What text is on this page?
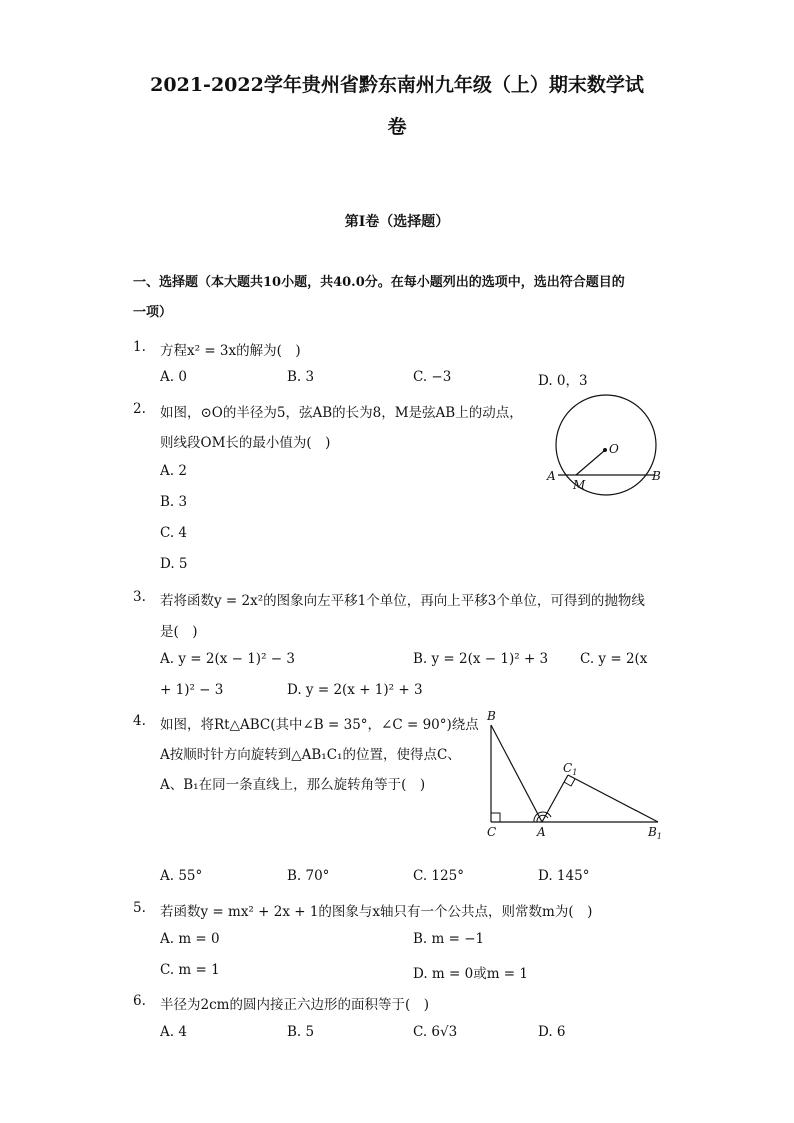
2021-2022学年贵州省黔东南州九年级（上）期末数学试
卷
第I卷（选择题）
一、选择题（本大题共10小题，共40.0分。在每小题列出的选项中，选出符合题目的
一项）
1. 方程x² = 3x的解为(　)
A. 0	B. 3	C. −3	D. 0，3
2. 如图，⊙O的半径为5，弦AB的长为8，M是弦AB上的动点，
则线段OM长的最小值为(　)
A. 2
B. 3
C. 4
D. 5
O
A	B
M
3. 若将函数y = 2x²的图象向左平移1个单位，再向上平移3个单位，可得到的抛物线
是(　)
A. y = 2(x − 1)² − 3	B. y = 2(x − 1)² + 3 C. y = 2(x
+ 1)² − 3	D. y = 2(x + 1)² + 3
4. 如图，将Rt△ABC(其中∠B = 35°，∠C = 90°)绕点
A按顺时针方向旋转到△AB₁C₁的位置，使得点C、
A、B₁在同一条直线上，那么旋转角等于(　)
B
C	A
$C_1$
$B_1$
A. 55°	B. 70°	C. 125°	D. 145°
5. 若函数y = mx² + 2x + 1的图象与x轴只有一个公共点，则常数m为(　)
A. m = 0	B. m = −1
C. m = 1	D. m = 0或m = 1
6. 半径为2cm的圆内接正六边形的面积等于(　)
A. 4	B. 5	C. 6√3	D. 6
